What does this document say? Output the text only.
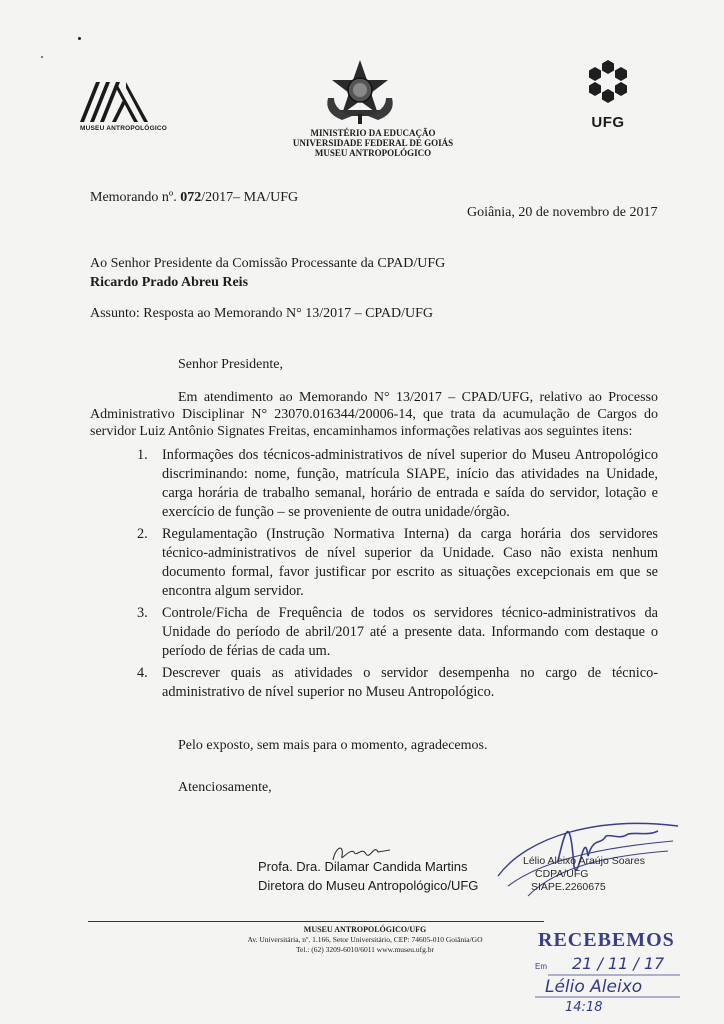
MUSEU ANTROPOLÓGICO	MINISTÉRIO DA EDUCAÇÃO
UNIVERSIDADE FEDERAL DE GOIÁS
MUSEU ANTROPOLÓGICO
UFG
Memorando nº. 072/2017– MA/UFG
Goiânia, 20 de novembro de 2017
Ao Senhor Presidente da Comissão Processante da CPAD/UFG
Ricardo Prado Abreu Reis
Assunto: Resposta ao Memorando N° 13/2017 – CPAD/UFG
Senhor Presidente,
Em atendimento ao Memorando N° 13/2017 – CPAD/UFG, relativo ao Processo Administrativo Disciplinar N° 23070.016344/20006-14, que trata da acumulação de Cargos do servidor Luiz Antônio Signates Freitas, encaminhamos informações relativas aos seguintes itens:
1. Informações dos técnicos-administrativos de nível superior do Museu Antropológico discriminando: nome, função, matrícula SIAPE, início das atividades na Unidade, carga horária de trabalho semanal, horário de entrada e saída do servidor, lotação e exercício de função – se proveniente de outra unidade/órgão.
2. Regulamentação (Instrução Normativa Interna) da carga horária dos servidores técnico-administrativos de nível superior da Unidade. Caso não exista nenhum documento formal, favor justificar por escrito as situações excepcionais em que se encontra algum servidor.
3. Controle/Ficha de Frequência de todos os servidores técnico-administrativos da Unidade do período de abril/2017 até a presente data. Informando com destaque o período de férias de cada um.
4. Descrever quais as atividades o servidor desempenha no cargo de técnico-administrativo de nível superior no Museu Antropológico.
Pelo exposto, sem mais para o momento, agradecemos.
Atenciosamente,
Profa. Dra. Dilamar Candida Martins
Diretora do Museu Antropológico/UFG
Lélio Aleixo Araújo Soares
CDPA/UFG
SIAPE.2260675
MUSEU ANTROPOLÓGICO/UFG
Av. Universitária, nº. 1.166, Setor Universitário, CEP: 74605-010 Goiânia/GO
Tel.: (62) 3209-6010/6011 www.museu.ufg.br	RECEBEMOS
Em 21 / 11 / 17
Lélio Aleixo
14:18
